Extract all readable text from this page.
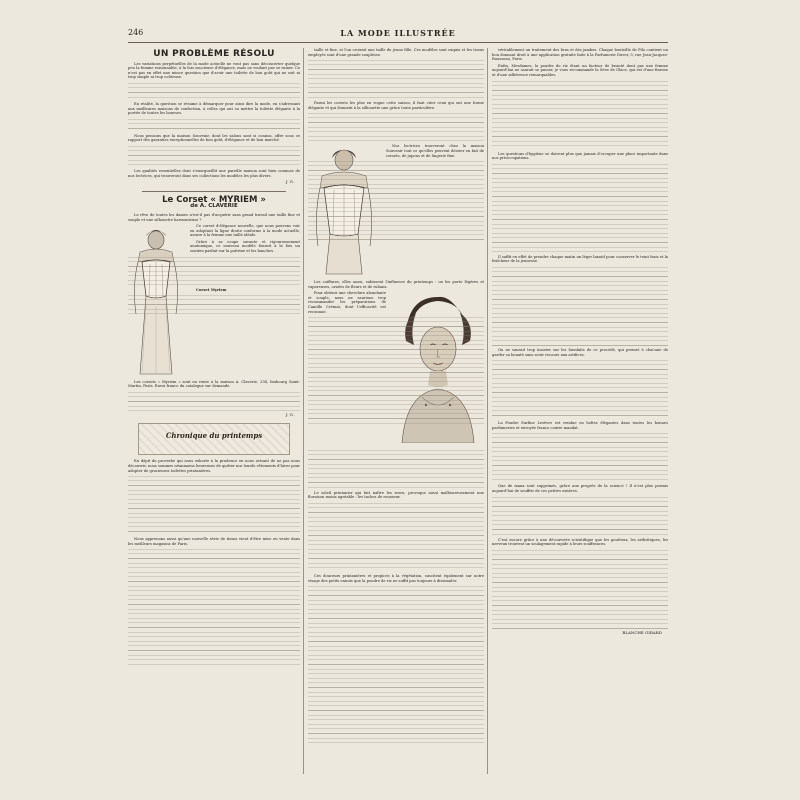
246	LA MODE ILLUSTRÉE
UN PROBLÈME RÉSOLU

Les variations perpétuelles de la mode actuelle ne vont pas sans déconcerter quelque peu la femme raisonnable, à la fois soucieuse d'élégance, mais ne voulant pas se ruiner. Ce n'est pas en effet une mince question que d'avoir une toilette de bon goût qui ne soit ni trop simple ni trop coûteuse.

En réalité, la question se résume à démarquer pour ainsi dire la mode, en s'adressant aux meilleures maisons de confection, à celles qui ont su mettre la toilette élégante à la portée de toutes les bourses.

Nous pensons que la maison Souvenir, dont les salons sont si connus, offre sous ce rapport des garanties exceptionnelles de bon goût, d'élégance et de bon marché.

Les qualités essentielles dont s'enorgueillit une pareille maison sont bien connues de nos lectrices, qui trouveront dans ses collections les modèles les plus divers.

J. G.
Le Corset « MYRIEM »
de A. CLAVERIE

Le rêve de toutes les dames n'est-il pas d'acquérir sans grand travail une taille fine et souple et une silhouette harmonieuse ?

Ce corset d'élégance nouvelle, que nous pouvons voir en adoptant la ligne droite conforme à la mode actuelle, assure à la femme une taille idéale.

Grâce à sa coupe savante et rigoureusement anatomique, ce nouveau modèle fournit à la fois un soutien parfait sur la poitrine et les hanches.

Corset Myriem

Les corsets « Myriem » sont en vente à la maison A. Claverie, 234, faubourg Saint-Martin, Paris. Envoi franco du catalogue sur demande.

J. G.
Chronique du printemps

En dépit du proverbe qui nous exhorte à la prudence en nous avisant de ne pas nous découvrir, nous sommes néanmoins heureuses de quitter nos lourds vêtements d'hiver pour adopter de gracieuses toilettes printanières.

Nous apprenons aussi qu'une nouvelle série de tissus vient d'être mise en vente dans les meilleurs magasins de Paris.

taille et fine, et l'on croirait une taille de jeune fille. Ces modèles sont exquis et les tissus employés sont d'une grande souplesse.

Parmi les corsets les plus en vogue cette saison, il faut citer ceux qui ont une forme élégante et qui donnent à la silhouette une grâce toute particulière.

Nos lectrices trouveront chez la maison Souvenir tout ce qu'elles peuvent désirer en fait de corsets, de jupons et de lingerie fine.

Les coiffures, elles aussi, subissent l'influence du printemps : on les porte légères et vaporeuses, ornées de fleurs et de rubans.

Pour obtenir une chevelure abondante et souple, nous ne saurions trop recommander les préparations de Camille Crémat, dont l'efficacité est reconnue.

Le soleil printanier qui fait naître les roses, provoque aussi malheureusement une floraison moins agréable : les taches de rousseur.

Ces douceurs printanières et propices à la végétation, suscitent également sur notre visage des petits ennuis que la poudre de riz ne suffit pas toujours à dissimuler.

véritablement un traitement des bras et des jambes. Chaque bouteille de Pilo contient un bon donnant droit à une application gratuite faite à la Parfumerie Duver, 5, rue Jean-Jacques-Rousseau, Paris.

Enfin, Mesdames, la poudre de riz étant un facteur de beauté dont pas une femme aujourd'hui ne saurait se passer, je vous recommande la Sève de Glace, qui est d'une finesse et d'une adhérence remarquables.

Les questions d'hygiène se doivent plus que jamais d'occuper une place importante dans nos préoccupations.

Il suffit en effet de prendre chaque matin un léger laxatif pour conserver le teint frais et la fraîcheur de la jeunesse.

On ne saurait trop insister sur les bienfaits de ce procédé, qui permet à chacune de garder sa beauté sans avoir recours aux artifices.

La Poudre Surfine Lesèvre est vendue en boîtes élégantes dans toutes les bonnes parfumeries et envoyée franco contre mandat.

Que de maux sont supprimés, grâce aux progrès de la science ! Il n'est plus permis aujourd'hui de souffrir de ces petites misères.

C'est encore grâce à une découverte scientifique que les goutteux, les arthritiques, les nerveux trouvent un soulagement rapide à leurs souffrances.

BLANCHE GIRARD
